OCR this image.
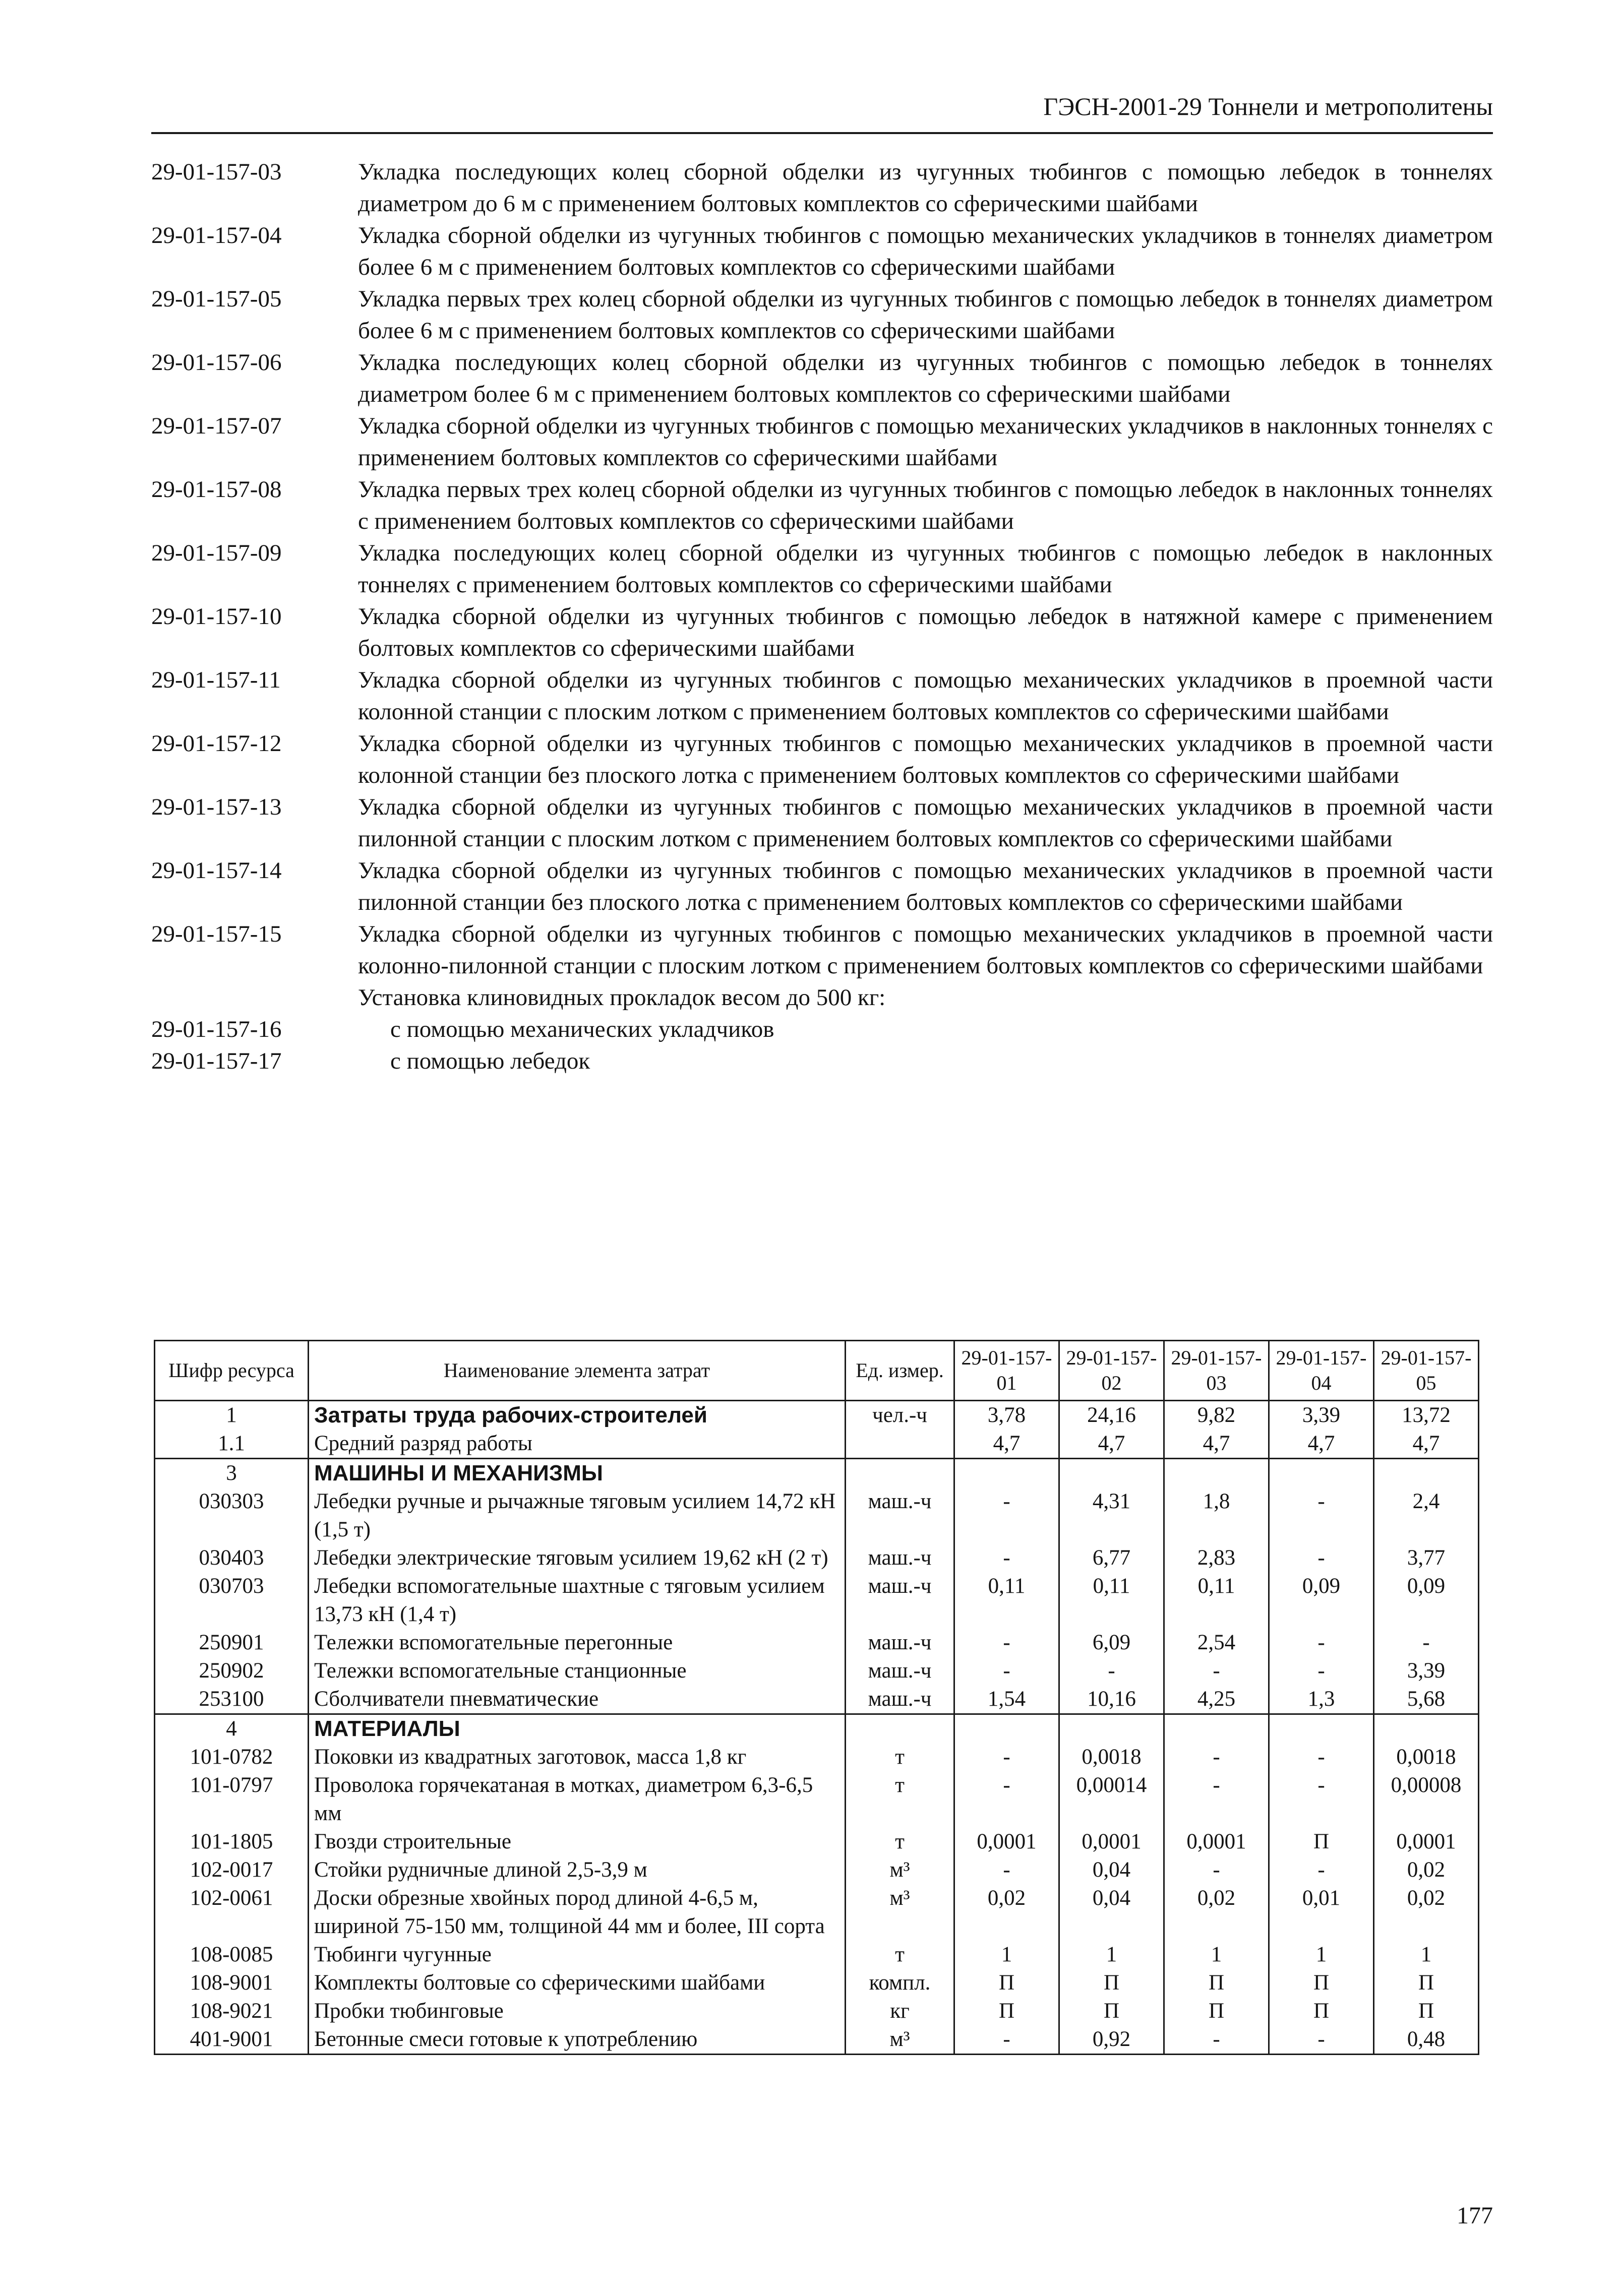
ГЭСН-2001-29 Тоннели и метрополитены
29-01-157-03	Укладка последующих колец сборной обделки из чугунных тюбингов с помощью лебедок в тоннелях диаметром до 6 м с применением болтовых комплектов со сферическими шайбами
29-01-157-04	Укладка сборной обделки из чугунных тюбингов с помощью механических укладчиков в тоннелях диаметром более 6 м с применением болтовых комплектов со сферическими шайбами
29-01-157-05	Укладка первых трех колец сборной обделки из чугунных тюбингов с помощью лебедок в тоннелях диаметром более 6 м с применением болтовых комплектов со сферическими шайбами
29-01-157-06	Укладка последующих колец сборной обделки из чугунных тюбингов с помощью лебедок в тоннелях диаметром более 6 м с применением болтовых комплектов со сферическими шайбами
29-01-157-07	Укладка сборной обделки из чугунных тюбингов с помощью механических укладчиков в наклонных тоннелях с применением болтовых комплектов со сферическими шайбами
29-01-157-08	Укладка первых трех колец сборной обделки из чугунных тюбингов с помощью лебедок в наклонных тоннелях с применением болтовых комплектов со сферическими шайбами
29-01-157-09	Укладка последующих колец сборной обделки из чугунных тюбингов с помощью лебедок в наклонных тоннелях с применением болтовых комплектов со сферическими шайбами
29-01-157-10	Укладка сборной обделки из чугунных тюбингов с помощью лебедок в натяжной камере с применением болтовых комплектов со сферическими шайбами
29-01-157-11	Укладка сборной обделки из чугунных тюбингов с помощью механических укладчиков в проемной части колонной станции с плоским лотком с применением болтовых комплектов со сферическими шайбами
29-01-157-12	Укладка сборной обделки из чугунных тюбингов с помощью механических укладчиков в проемной части колонной станции без плоского лотка с применением болтовых комплектов со сферическими шайбами
29-01-157-13	Укладка сборной обделки из чугунных тюбингов с помощью механических укладчиков в проемной части пилонной станции с плоским лотком с применением болтовых комплектов со сферическими шайбами
29-01-157-14	Укладка сборной обделки из чугунных тюбингов с помощью механических укладчиков в проемной части пилонной станции без плоского лотка с применением болтовых комплектов со сферическими шайбами
29-01-157-15	Укладка сборной обделки из чугунных тюбингов с помощью механических укладчиков в проемной части колонно-пилонной станции с плоским лотком с применением болтовых комплектов со сферическими шайбами
Установка клиновидных прокладок весом до 500 кг:
29-01-157-16	с помощью механических укладчиков
29-01-157-17	с помощью лебедок
Шифр ресурса	Наименование элемента затрат	Ед. измер.	29-01-157-01	29-01-157-02	29-01-157-03	29-01-157-04	29-01-157-05
1	Затраты труда рабочих-строителей	чел.-ч	3,78	24,16	9,82	3,39	13,72
1.1	Средний разряд работы		4,7	4,7	4,7	4,7	4,7
3	МАШИНЫ И МЕХАНИЗМЫ						
030303	Лебедки ручные и рычажные тяговым усилием 14,72 кН (1,5 т)	маш.-ч	-	4,31	1,8	-	2,4
030403	Лебедки электрические тяговым усилием 19,62 кН (2 т)	маш.-ч	-	6,77	2,83	-	3,77
030703	Лебедки вспомогательные шахтные с тяговым усилием 13,73 кН (1,4 т)	маш.-ч	0,11	0,11	0,11	0,09	0,09
250901	Тележки вспомогательные перегонные	маш.-ч	-	6,09	2,54	-	-
250902	Тележки вспомогательные станционные	маш.-ч	-	-	-	-	3,39
253100	Сболчиватели пневматические	маш.-ч	1,54	10,16	4,25	1,3	5,68
4	МАТЕРИАЛЫ						
101-0782	Поковки из квадратных заготовок, масса 1,8 кг	т	-	0,0018	-	-	0,0018
101-0797	Проволока горячекатаная в мотках, диаметром 6,3-6,5 мм	т	-	0,00014	-	-	0,00008
101-1805	Гвозди строительные	т	0,0001	0,0001	0,0001	П	0,0001
102-0017	Стойки рудничные длиной 2,5-3,9 м	м³	-	0,04	-	-	0,02
102-0061	Доски обрезные хвойных пород длиной 4-6,5 м, шириной 75-150 мм, толщиной 44 мм и более, III сорта	м³	0,02	0,04	0,02	0,01	0,02
108-0085	Тюбинги чугунные	т	1	1	1	1	1
108-9001	Комплекты болтовые со сферическими шайбами	компл.	П	П	П	П	П
108-9021	Пробки тюбинговые	кг	П	П	П	П	П
401-9001	Бетонные смеси готовые к употреблению	м³	-	0,92	-	-	0,48
177
